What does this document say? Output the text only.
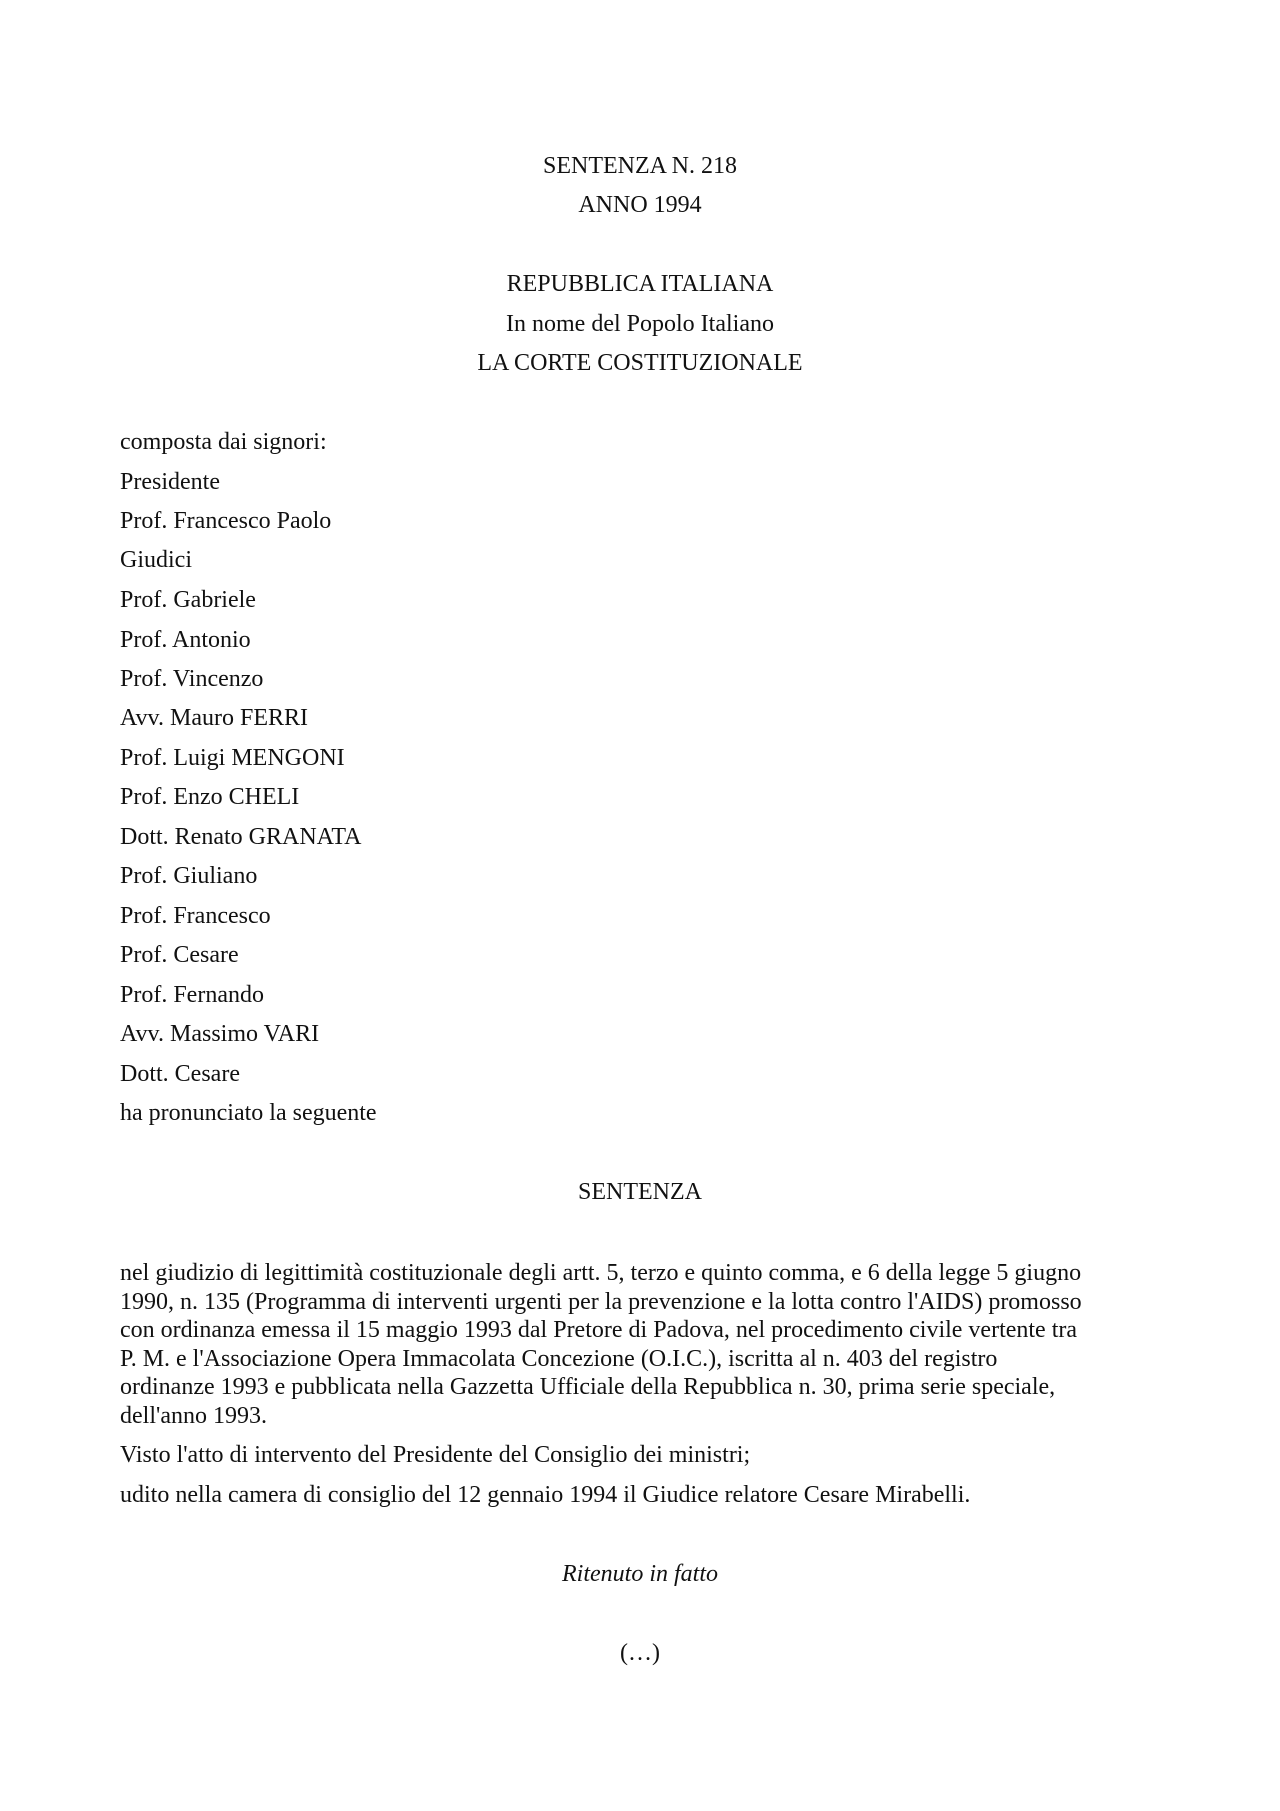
SENTENZA N. 218
ANNO 1994
REPUBBLICA ITALIANA
In nome del Popolo Italiano
LA CORTE COSTITUZIONALE
composta dai signori:
Presidente
Prof. Francesco Paolo
Giudici
Prof. Gabriele
Prof. Antonio
Prof. Vincenzo
Avv. Mauro FERRI
Prof. Luigi MENGONI
Prof. Enzo CHELI
Dott. Renato GRANATA
Prof. Giuliano
Prof. Francesco
Prof. Cesare
Prof. Fernando
Avv. Massimo VARI
Dott. Cesare
ha pronunciato la seguente
SENTENZA
nel giudizio di legittimità costituzionale degli artt. 5, terzo e quinto comma, e 6 della legge 5 giugno
1990, n. 135 (Programma di interventi urgenti per la prevenzione e la lotta contro l'AIDS) promosso
con ordinanza emessa il 15 maggio 1993 dal Pretore di Padova, nel procedimento civile vertente tra
P. M. e l'Associazione Opera Immacolata Concezione (O.I.C.), iscritta al n. 403 del registro
ordinanze 1993 e pubblicata nella Gazzetta Ufficiale della Repubblica n. 30, prima serie speciale,
dell'anno 1993.
Visto l'atto di intervento del Presidente del Consiglio dei ministri;
udito nella camera di consiglio del 12 gennaio 1994 il Giudice relatore Cesare Mirabelli.
Ritenuto in fatto
(…)
